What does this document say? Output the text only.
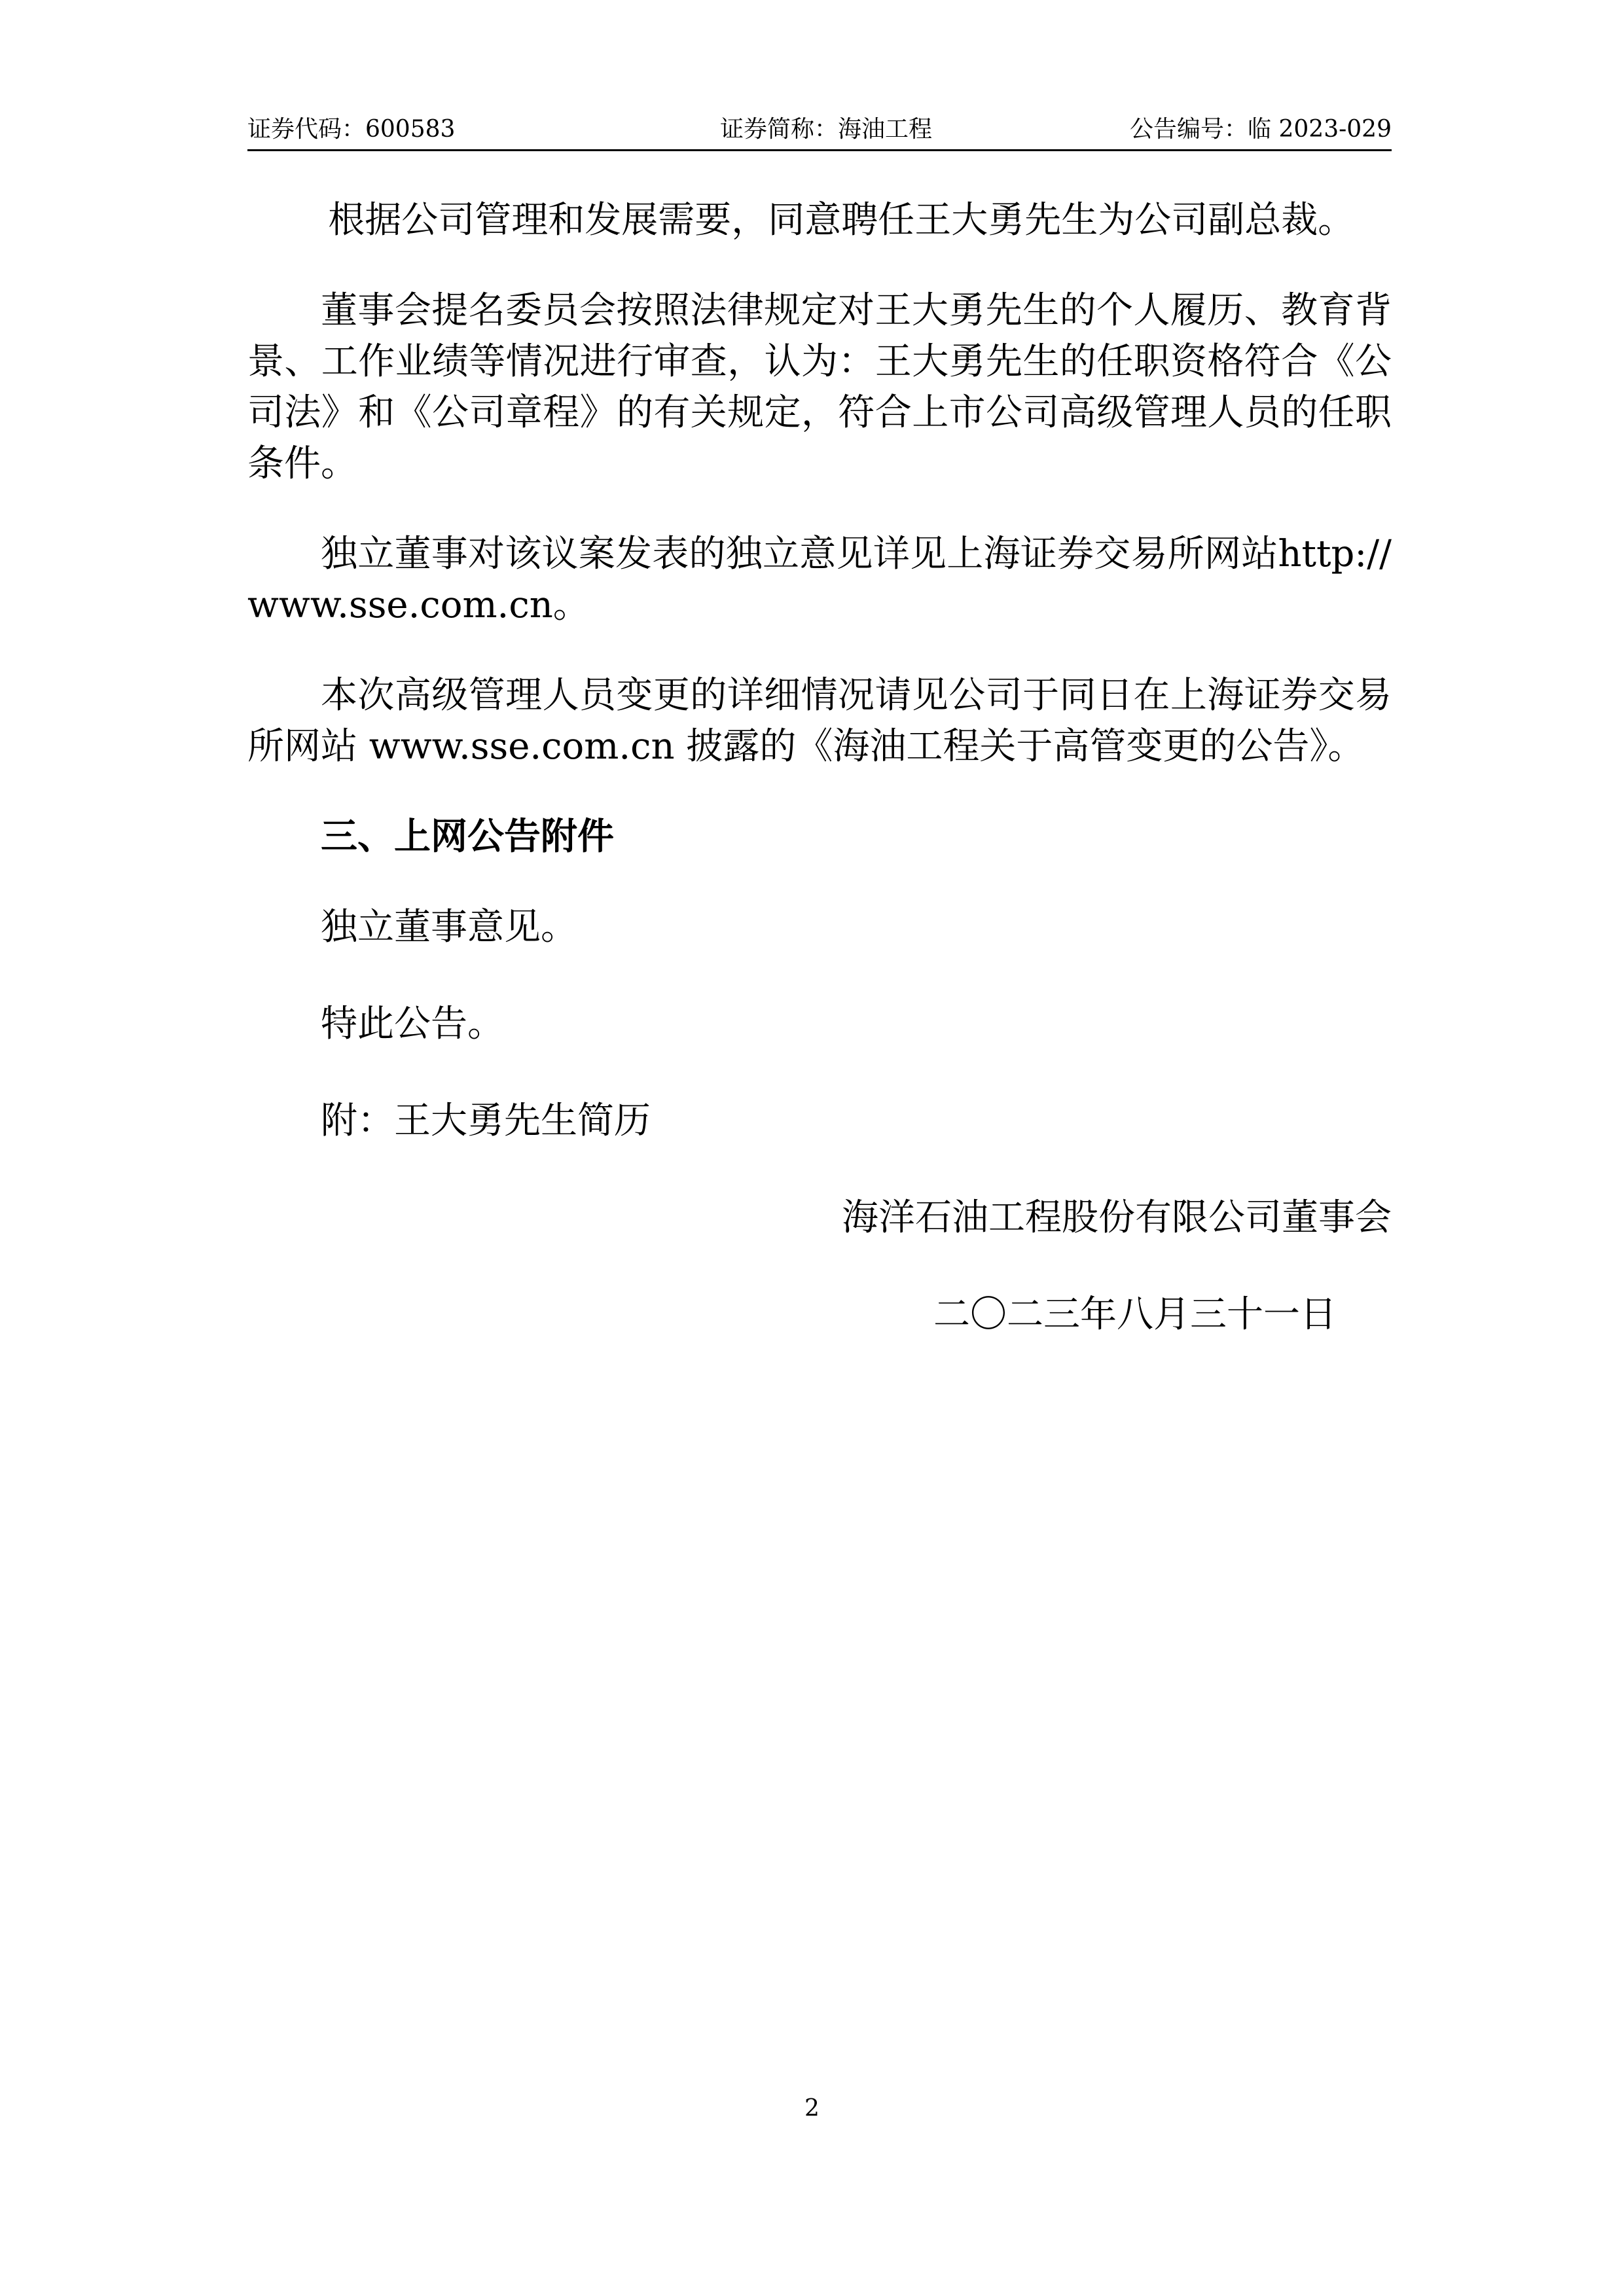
证券代码：600583	证券简称：海油工程	公告编号：临 2023-029

根据公司管理和发展需要，同意聘任王大勇先生为公司副总裁。

董事会提名委员会按照法律规定对王大勇先生的个人履历、教育背景、工作业绩等情况进行审查，认为：王大勇先生的任职资格符合《公司法》和《公司章程》的有关规定，符合上市公司高级管理人员的任职条件。

独立董事对该议案发表的独立意见详见上海证券交易所网站http://www.sse.com.cn。

本次高级管理人员变更的详细情况请见公司于同日在上海证券交易所网站 www.sse.com.cn 披露的《海油工程关于高管变更的公告》。

三、上网公告附件

独立董事意见。

特此公告。

附：王大勇先生简历

海洋石油工程股份有限公司董事会

二〇二三年八月三十一日

2
